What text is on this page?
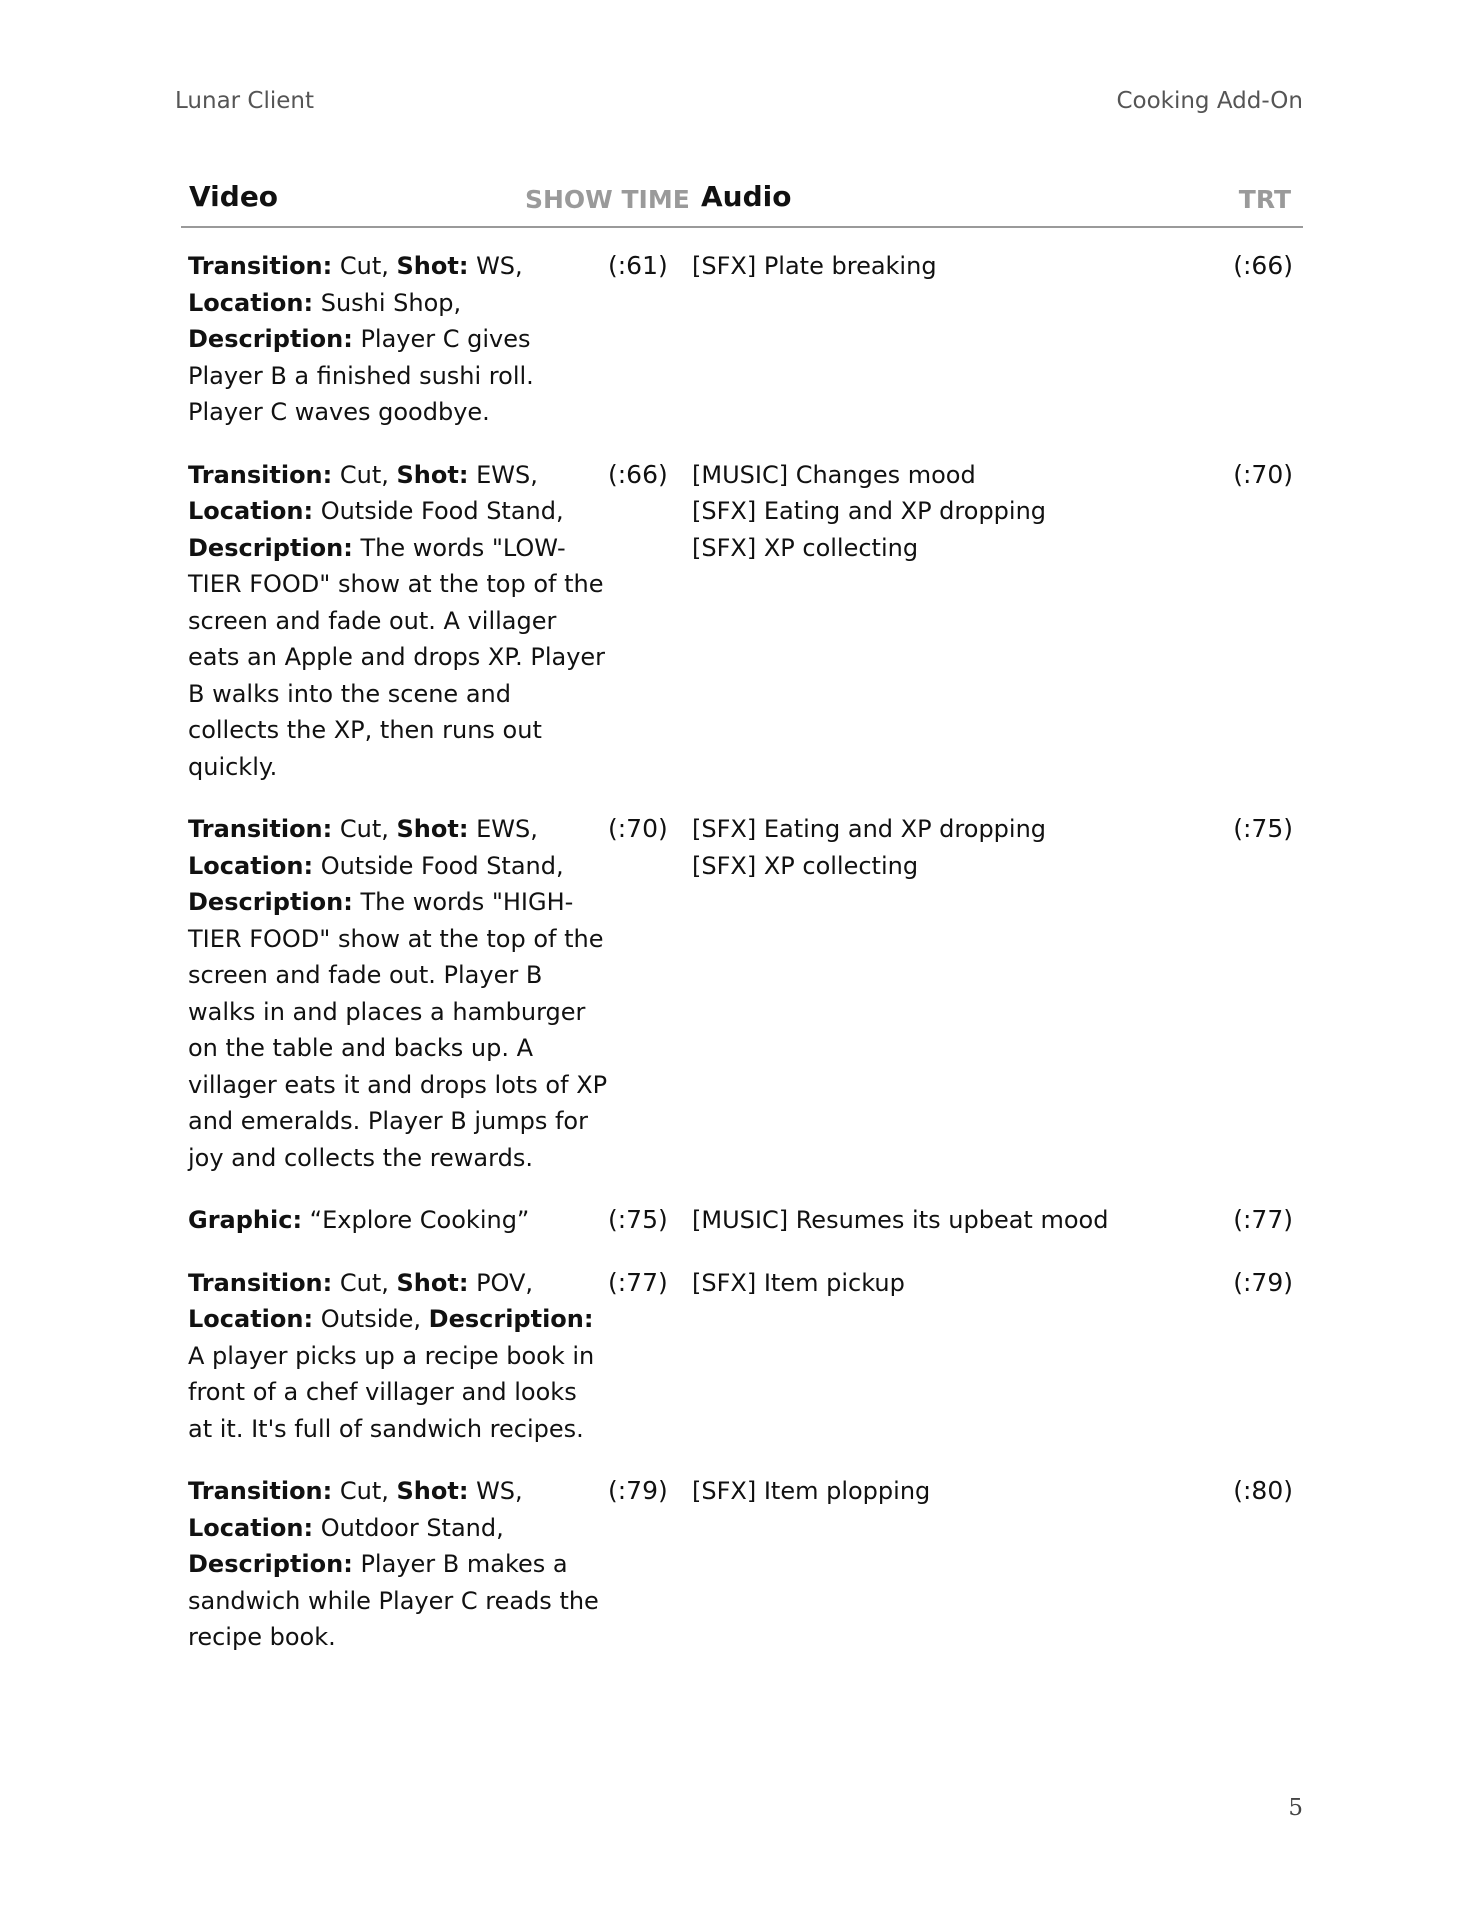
Lunar Client	Cooking Add-On
Video	SHOW TIME Audio	TRT
Transition: Cut, Shot: WS,
Location: Sushi Shop,
Description: Player C gives Player B a finished sushi roll. Player C waves goodbye.
(:61)	[SFX] Plate breaking	(:66)
Transition: Cut, Shot: EWS,
Location: Outside Food Stand,
Description: The words "LOW-TIER FOOD" show at the top of the screen and fade out. A villager eats an Apple and drops XP. Player B walks into the scene and collects the XP, then runs out quickly.
(:66)	[MUSIC] Changes mood
[SFX] Eating and XP dropping
[SFX] XP collecting
(:70)
Transition: Cut, Shot: EWS,
Location: Outside Food Stand,
Description: The words "HIGH-TIER FOOD" show at the top of the screen and fade out. Player B walks in and places a hamburger on the table and backs up. A villager eats it and drops lots of XP and emeralds. Player B jumps for joy and collects the rewards.
(:70)	[SFX] Eating and XP dropping
[SFX] XP collecting
(:75)
Graphic: “Explore Cooking”	(:75)	[MUSIC] Resumes its upbeat mood	(:77)
Transition: Cut, Shot: POV,
Location: Outside, Description: A player picks up a recipe book in front of a chef villager and looks at it. It's full of sandwich recipes.
(:77)	[SFX] Item pickup	(:79)
Transition: Cut, Shot: WS,
Location: Outdoor Stand,
Description: Player B makes a sandwich while Player C reads the recipe book.
(:79)	[SFX] Item plopping	(:80)
5
